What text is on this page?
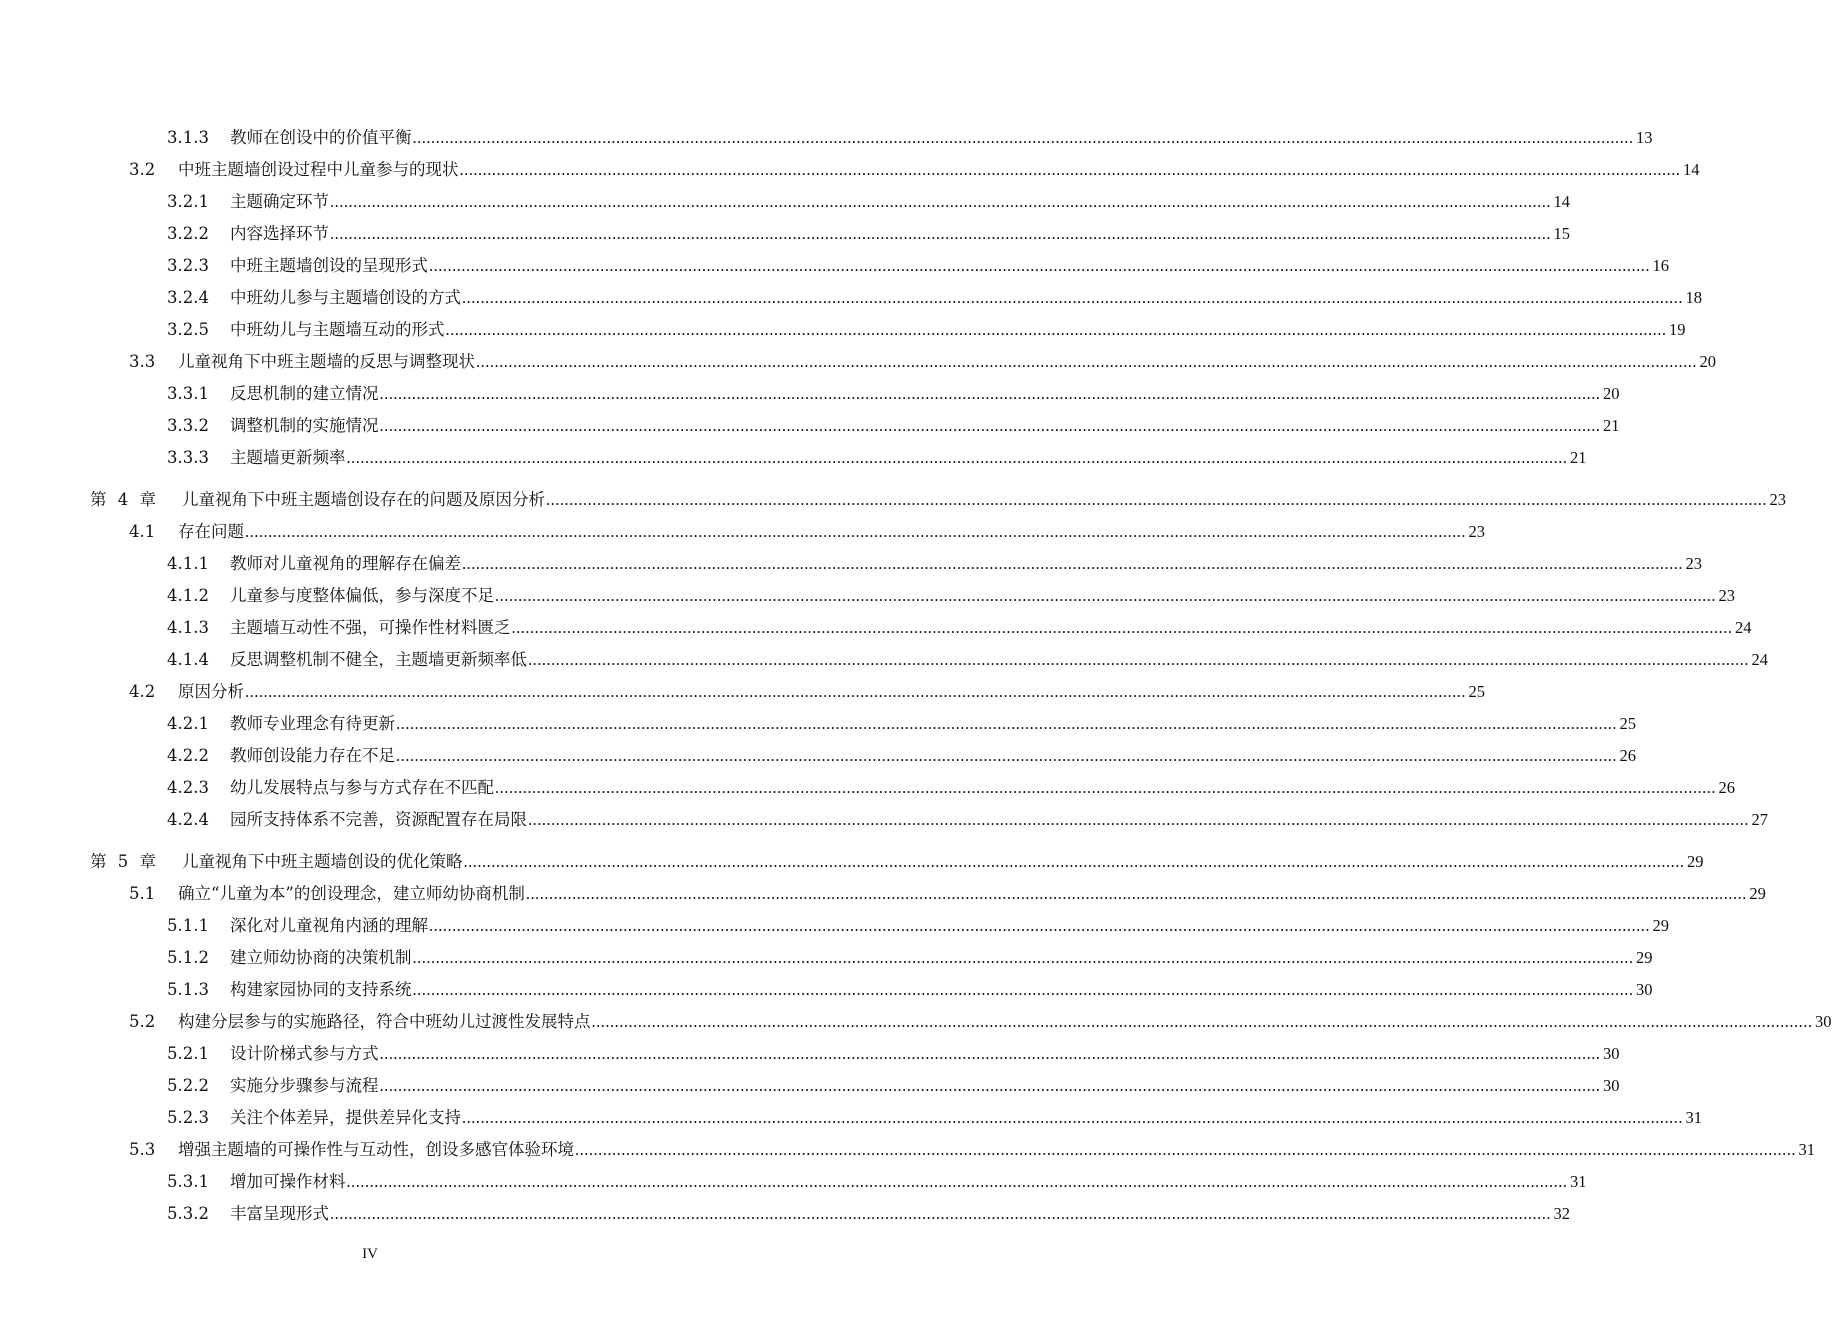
3.1.3	教师在创设中的价值平衡 .....	13
3.2	中班主题墙创设过程中儿童参与的现状 .....	14
3.2.1	主题确定环节 .....	14
3.2.2	内容选择环节 .....	15
3.2.3	中班主题墙创设的呈现形式 .....	16
3.2.4	中班幼儿参与主题墙创设的方式 .....	18
3.2.5	中班幼儿与主题墙互动的形式 .....	19
3.3	儿童视角下中班主题墙的反思与调整现状 .....	20
3.3.1	反思机制的建立情况 .....	20
3.3.2	调整机制的实施情况 .....	21
3.3.3	主题墙更新频率 .....	21
第 4 章	儿童视角下中班主题墙创设存在的问题及原因分析 .....	23
4.1	存在问题 .....	23
4.1.1	教师对儿童视角的理解存在偏差 .....	23
4.1.2	儿童参与度整体偏低，参与深度不足 .....	23
4.1.3	主题墙互动性不强，可操作性材料匮乏 .....	24
4.1.4	反思调整机制不健全，主题墙更新频率低 .....	24
4.2	原因分析 .....	25
4.2.1	教师专业理念有待更新 .....	25
4.2.2	教师创设能力存在不足 .....	26
4.2.3	幼儿发展特点与参与方式存在不匹配 .....	26
4.2.4	园所支持体系不完善，资源配置存在局限 .....	27
第 5 章	儿童视角下中班主题墙创设的优化策略 .....	29
5.1	确立“儿童为本”的创设理念，建立师幼协商机制 .....	29
5.1.1	深化对儿童视角内涵的理解 .....	29
5.1.2	建立师幼协商的决策机制 .....	29
5.1.3	构建家园协同的支持系统 .....	30
5.2	构建分层参与的实施路径，符合中班幼儿过渡性发展特点 .....	30
5.2.1	设计阶梯式参与方式 .....	30
5.2.2	实施分步骤参与流程 .....	30
5.2.3	关注个体差异，提供差异化支持 .....	31
5.3	增强主题墙的可操作性与互动性，创设多感官体验环境 .....	31
5.3.1	增加可操作材料 .....	31
5.3.2	丰富呈现形式 .....	32
IV
